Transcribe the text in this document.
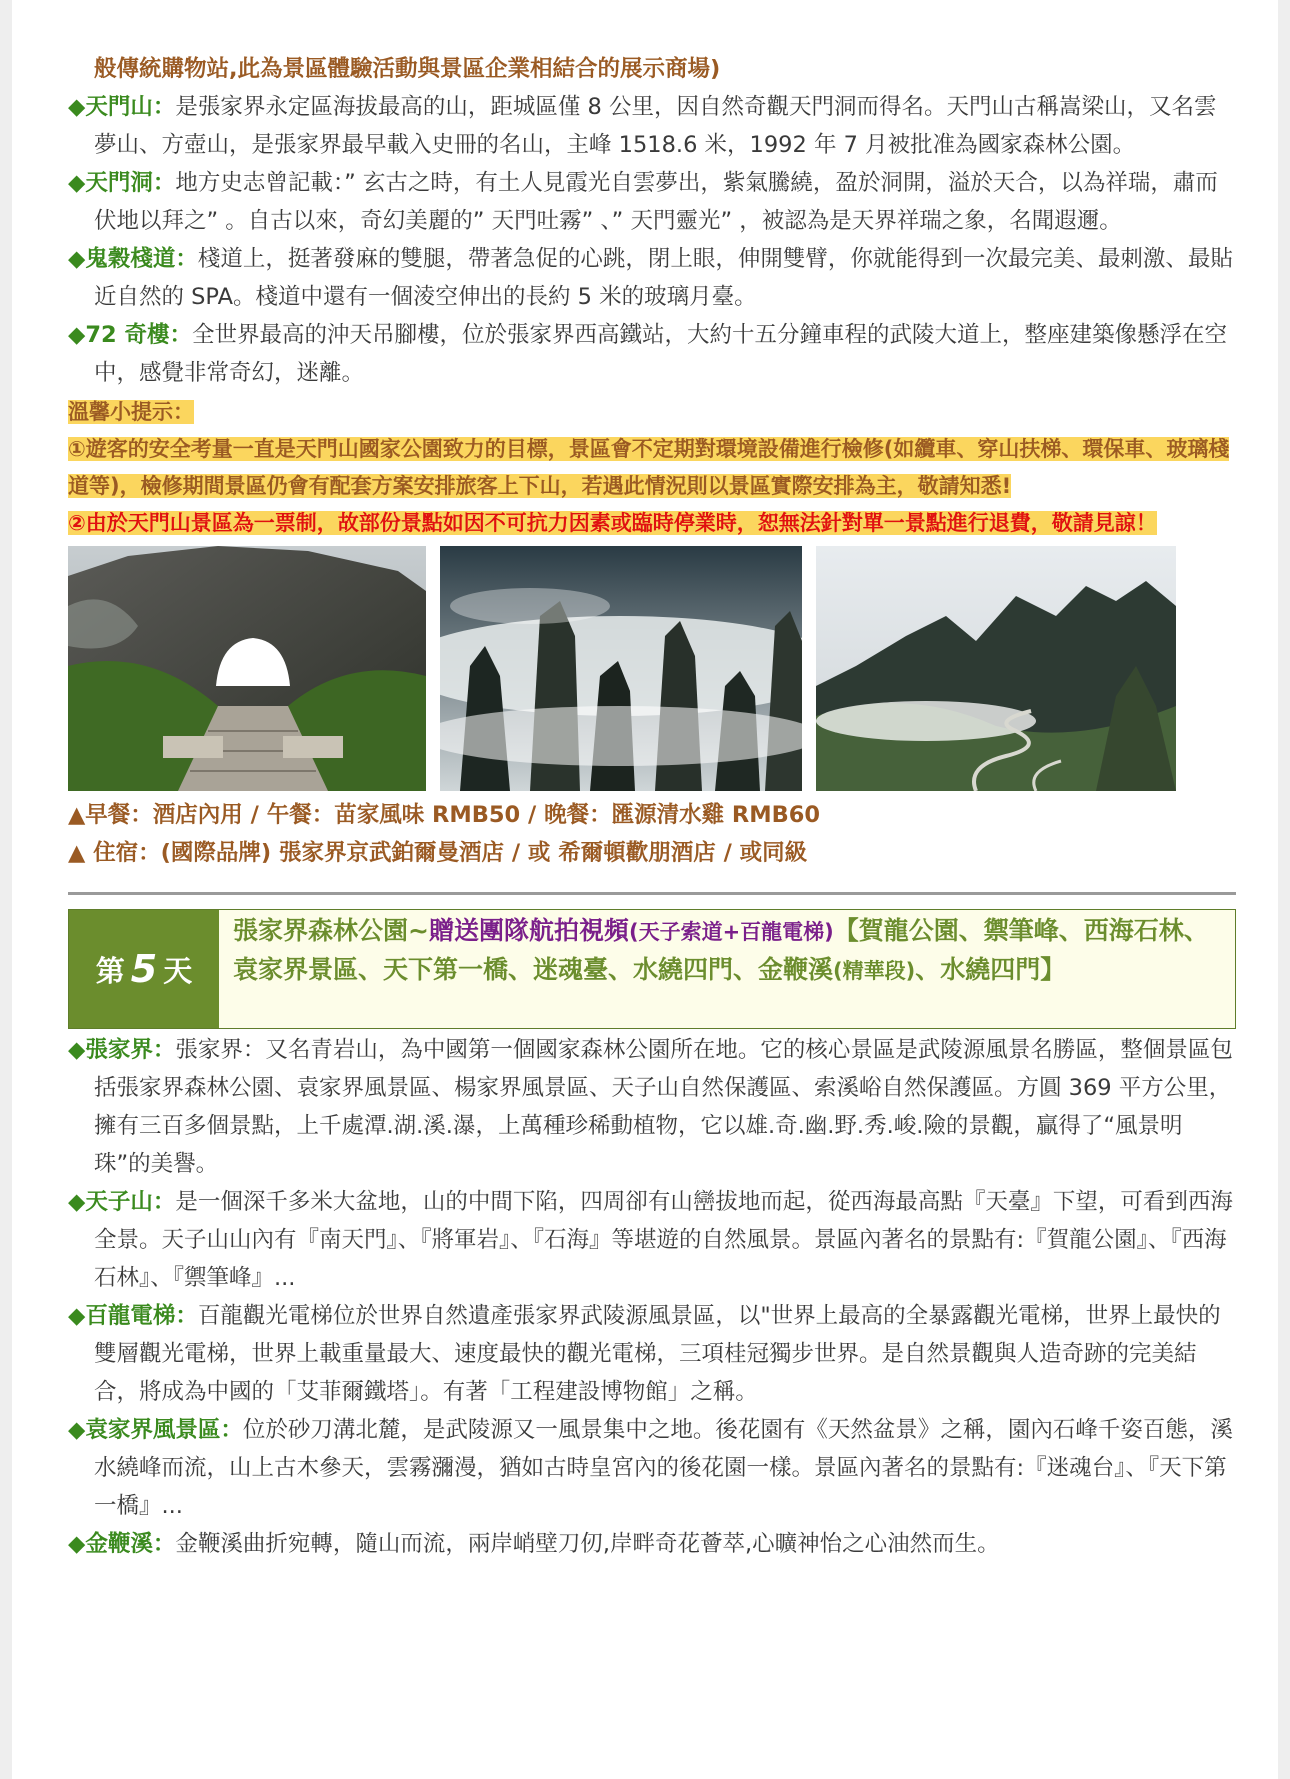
般傳統購物站,此為景區體驗活動與景區企業相結合的展示商場)

◆天門山：是張家界永定區海拔最高的山，距城區僅 8 公里，因自然奇觀天門洞而得名。天門山古稱嵩梁山，又名雲夢山、方壺山，是張家界最早載入史冊的名山，主峰 1518.6 米，1992 年 7 月被批准為國家森林公園。

◆天門洞：地方史志曾記載：” 玄古之時，有土人見霞光自雲夢出，紫氣騰繞，盈於洞開，溢於天合，以為祥瑞，肅而伏地以拜之” 。自古以來，奇幻美麗的” 天門吐霧” 、” 天門靈光” ，被認為是天界祥瑞之象，名聞遐邇。

◆鬼穀棧道：棧道上，挺著發麻的雙腿，帶著急促的心跳，閉上眼，伸開雙臂，你就能得到一次最完美、最刺激、最貼近自然的 SPA。棧道中還有一個淩空伸出的長約 5 米的玻璃月臺。

◆72 奇樓：全世界最高的沖天吊腳樓，位於張家界西高鐵站，大約十五分鐘車程的武陵大道上，整座建築像懸浮在空中，感覺非常奇幻，迷離。

溫馨小提示：
①遊客的安全考量一直是天門山國家公園致力的目標，景區會不定期對環境設備進行檢修(如纜車、穿山扶梯、環保車、玻璃棧道等)，檢修期間景區仍會有配套方案安排旅客上下山，若遇此情況則以景區實際安排為主，敬請知悉!
②由於天門山景區為一票制，故部份景點如因不可抗力因素或臨時停業時，恕無法針對單一景點進行退費，敬請見諒！
▲早餐：酒店內用 / 午餐：苗家風味 RMB50 / 晚餐：匯源清水雞 RMB60
▲ 住宿：(國際品牌) 張家界京武鉑爾曼酒店 / 或 希爾頓歡朋酒店 / 或同級
第 5 天
張家界森林公園~贈送團隊航拍視頻(天子索道+百龍電梯)【賀龍公園、禦筆峰、西海石林、袁家界景區、天下第一橋、迷魂臺、水繞四門、金鞭溪(精華段)、水繞四門】

◆張家界：張家界：又名青岩山，為中國第一個國家森林公園所在地。它的核心景區是武陵源風景名勝區，整個景區包括張家界森林公園、袁家界風景區、楊家界風景區、天子山自然保護區、索溪峪自然保護區。方圓 369 平方公里，擁有三百多個景點，上千處潭.湖.溪.瀑，上萬種珍稀動植物，它以雄.奇.幽.野.秀.峻.險的景觀，贏得了“風景明珠”的美譽。

◆天子山：是一個深千多米大盆地，山的中間下陷，四周卻有山巒拔地而起，從西海最高點『天臺』下望，可看到西海全景。天子山山內有『南天門』、『將軍岩』、『石海』等堪遊的自然風景。景區內著名的景點有:『賀龍公園』、『西海石林』、『禦筆峰』...

◆百龍電梯：百龍觀光電梯位於世界自然遺產張家界武陵源風景區，以"世界上最高的全暴露觀光電梯，世界上最快的雙層觀光電梯，世界上載重量最大、速度最快的觀光電梯，三項桂冠獨步世界。是自然景觀與人造奇跡的完美結合，將成為中國的「艾菲爾鐵塔」。有著「工程建設博物館」之稱。

◆袁家界風景區：位於砂刀溝北麓，是武陵源又一風景集中之地。後花園有《天然盆景》之稱，園內石峰千姿百態，溪水繞峰而流，山上古木參天，雲霧瀰漫，猶如古時皇宮內的後花園一樣。景區內著名的景點有:『迷魂台』、『天下第一橋』...

◆金鞭溪：金鞭溪曲折宛轉，隨山而流，兩岸峭壁刀仞,岸畔奇花薈萃,心曠神怡之心油然而生。
